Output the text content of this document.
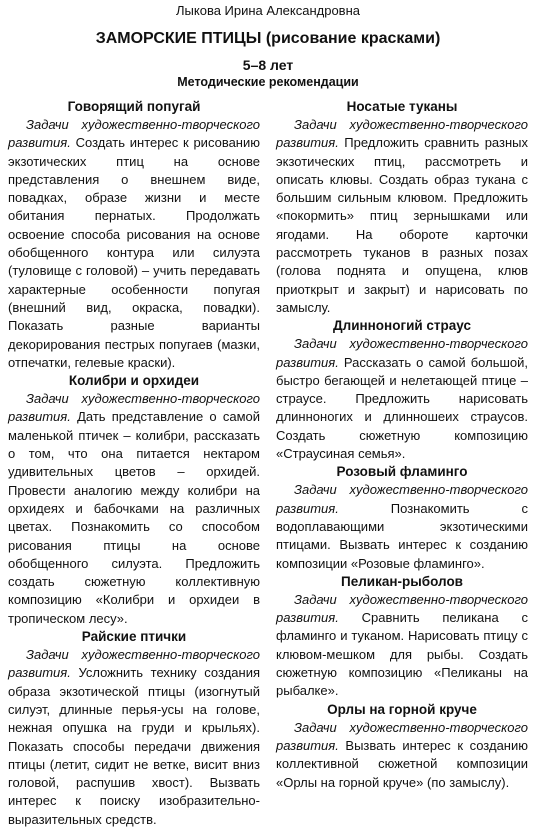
Лыкова Ирина Александровна

ЗАМОРСКИЕ ПТИЦЫ (рисование красками)

5–8 лет

Методические рекомендации

Говорящий попугай

Задачи художественно-творческого развития. Создать интерес к рисованию экзотических птиц на основе представления о внешнем виде, повадках, образе жизни и месте обитания пернатых. Продолжать освоение способа рисования на основе обобщенного контура или силуэта (туловище с головой) – учить передавать характерные особенности попугая (внешний вид, окраска, повадки). Показать разные варианты декорирования пестрых попугаев (мазки, отпечатки, гелевые краски).

Колибри и орхидеи

Задачи художественно-творческого развития. Дать представление о самой маленькой птичек – колибри, рассказать о том, что она питается нектаром удивительных цветов – орхидей. Провести аналогию между колибри на орхидеях и бабочками на различных цветах. Познакомить со способом рисования птицы на основе обобщенного силуэта. Предложить создать сюжетную коллективную композицию «Колибри и орхидеи в тропическом лесу».

Райские птички

Задачи художественно-творческого развития. Усложнить технику создания образа экзотической птицы (изогнутый силуэт, длинные перья-усы на голове, нежная опушка на груди и крыльях). Показать способы передачи движения птицы (летит, сидит не ветке, висит вниз головой, распушив хвост). Вызвать интерес к поиску изобразительно-выразительных средств.

Носатые туканы

Задачи художественно-творческого развития. Предложить сравнить разных экзотических птиц, рассмотреть и описать клювы. Создать образ тукана с большим сильным клювом. Предложить «покормить» птиц зернышками или ягодами. На обороте карточки рассмотреть туканов в разных позах (голова поднята и опущена, клюв приоткрыт и закрыт) и нарисовать по замыслу.

Длинноногий страус

Задачи художественно-творческого развития. Рассказать о самой большой, быстро бегающей и нелетающей птице – страусе. Предложить нарисовать длинноногих и длинношеих страусов. Создать сюжетную композицию «Страусиная семья».

Розовый фламинго

Задачи художественно-творческого развития. Познакомить с водоплавающими экзотическими птицами. Вызвать интерес к созданию композиции «Розовые фламинго».

Пеликан-рыболов

Задачи художественно-творческого развития. Сравнить пеликана с фламинго и туканом. Нарисовать птицу с клювом-мешком для рыбы. Создать сюжетную композицию «Пеликаны на рыбалке».

Орлы на горной круче

Задачи художественно-творческого развития. Вызвать интерес к созданию коллективной сюжетной композиции «Орлы на горной круче» (по замыслу).
